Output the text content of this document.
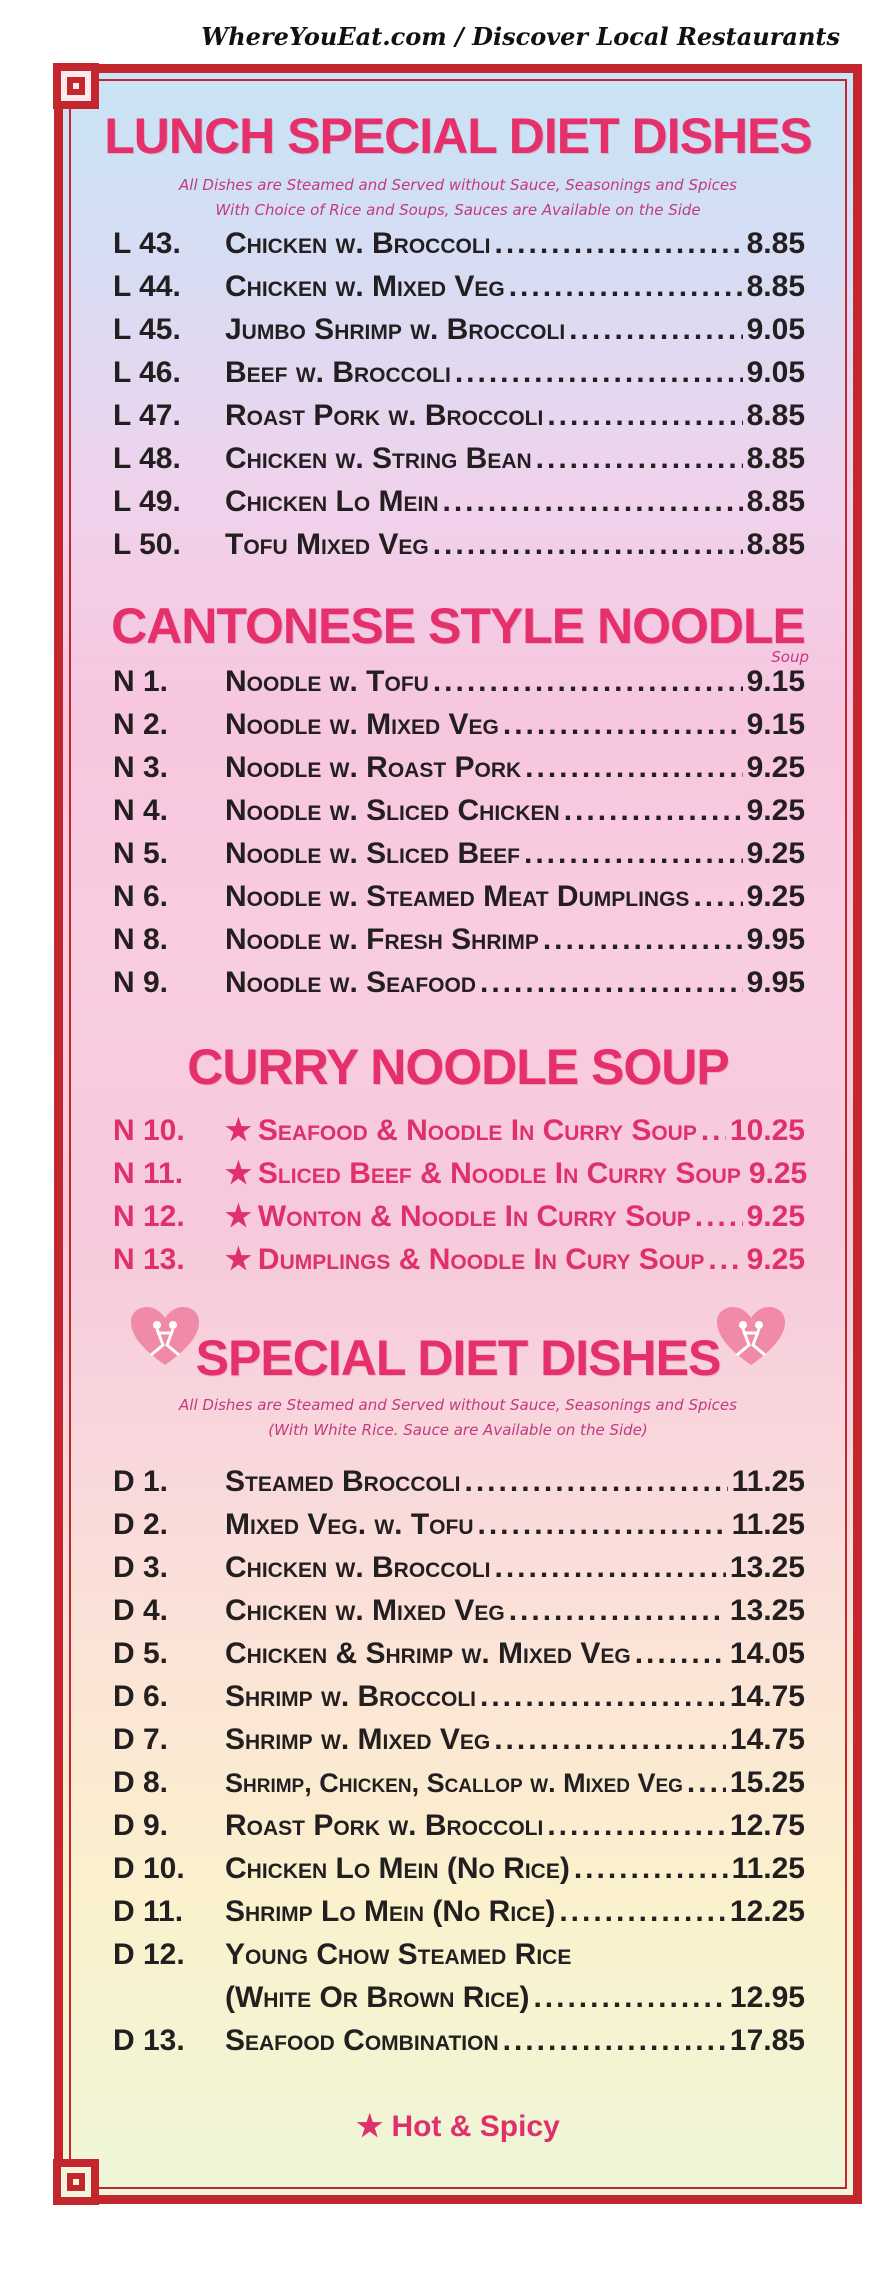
WhereYouEat.com / Discover Local Restaurants
LUNCH SPECIAL DIET DISHES
All Dishes are Steamed and Served without Sauce, Seasonings and Spices
With Choice of Rice and Soups, Sauces are Available on the Side
L 43.	Chicken w. Broccoli .....	8.85
L 44.	Chicken w. Mixed Veg .....	8.85
L 45.	Jumbo Shrimp w. Broccoli .....	9.05
L 46.	Beef w. Broccoli .....	9.05
L 47.	Roast Pork w. Broccoli .....	8.85
L 48.	Chicken w. String Bean .....	8.85
L 49.	Chicken Lo Mein .....	8.85
L 50.	Tofu Mixed Veg .....	8.85
CANTONESE STYLE NOODLE
Soup
N 1.	Noodle w. Tofu .....	9.15
N 2.	Noodle w. Mixed Veg .....	9.15
N 3.	Noodle w. Roast Pork .....	9.25
N 4.	Noodle w. Sliced Chicken .....	9.25
N 5.	Noodle w. Sliced Beef .....	9.25
N 6.	Noodle w. Steamed Meat Dumplings ..... 9.25
N 8.	Noodle w. Fresh Shrimp .....	9.95
N 9.	Noodle w. Seafood .....	9.95
CURRY NOODLE SOUP
N 10.	★ Seafood & Noodle In Curry Soup ..... 10.25
N 11.	★ Sliced Beef & Noodle In Curry Soup 9.25
N 12.	★ Wonton & Noodle In Curry Soup ..... 9.25
N 13.	★ Dumplings & Noodle In Cury Soup ..... 9.25
SPECIAL DIET DISHES
All Dishes are Steamed and Served without Sauce, Seasonings and Spices
(With White Rice. Sauce are Available on the Side)
D 1.	Steamed Broccoli .....	11.25
D 2.	Mixed Veg. w. Tofu .....	11.25
D 3.	Chicken w. Broccoli .....	13.25
D 4.	Chicken w. Mixed Veg .....	13.25
D 5.	Chicken & Shrimp w. Mixed Veg .....	14.05
D 6.	Shrimp w. Broccoli .....	14.75
D 7.	Shrimp w. Mixed Veg .....	14.75
D 8.	Shrimp, Chicken, Scallop w. Mixed Veg ..... 15.25
D 9.	Roast Pork w. Broccoli .....	12.75
D 10.	Chicken Lo Mein (No Rice) .....	11.25
D 11.	Shrimp Lo Mein (No Rice) .....	12.25
D 12.	Young Chow Steamed Rice
(White Or Brown Rice) .....	12.95
D 13.	Seafood Combination .....	17.85
★ Hot & Spicy
